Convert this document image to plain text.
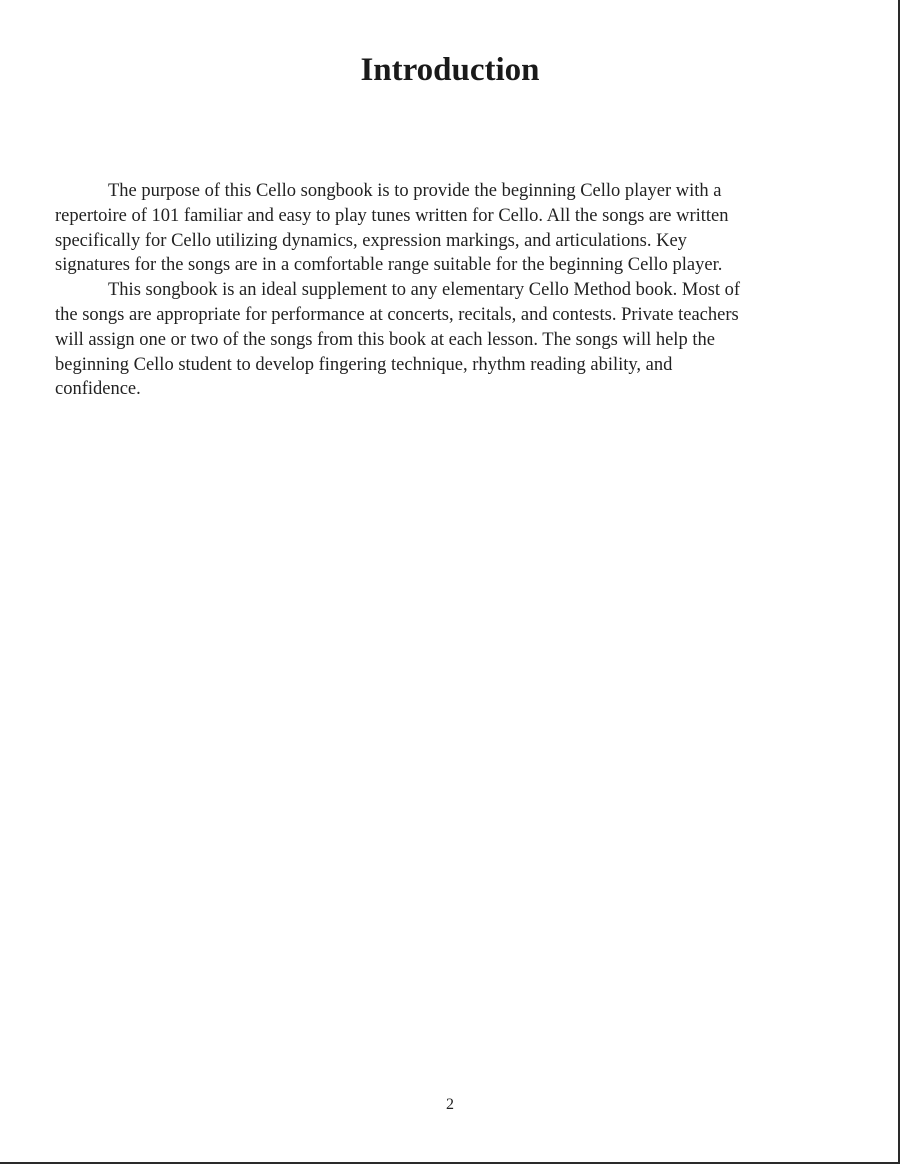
Introduction
The purpose of this Cello songbook is to provide the beginning Cello player with a
repertoire of 101 familiar and easy to play tunes written for Cello. All the songs are written
specifically for Cello utilizing dynamics, expression markings, and articulations. Key
signatures for the songs are in a comfortable range suitable for the beginning Cello player.
This songbook is an ideal supplement to any elementary Cello Method book. Most of
the songs are appropriate for performance at concerts, recitals, and contests. Private teachers
will assign one or two of the songs from this book at each lesson. The songs will help the
beginning Cello student to develop fingering technique, rhythm reading ability, and
confidence.
2
